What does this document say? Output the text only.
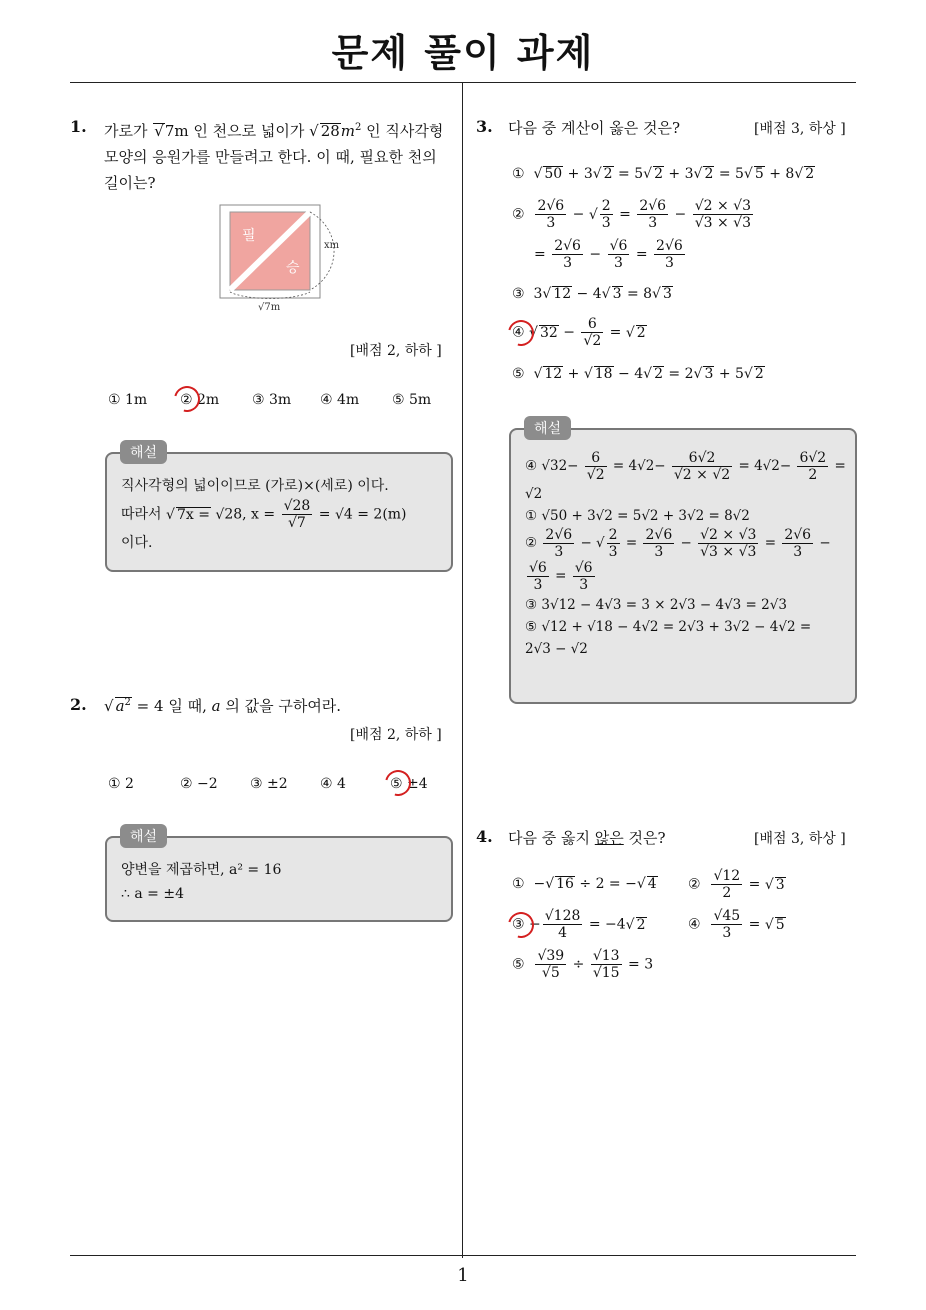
문제 풀이 과제
1. 가로가 √ 7m 인 천으로 넓이가 √ $28m^2$ 인 직사각형
모양의 응원가를 만들려고 한다. 이 때, 필요한 천의
길이는?
필
승
xm
√7m
[배점 2, 하하 ]
① 1m ② 2m ③ 3m ④ 4m ⑤ 5m
직사각형의 넓이이므로 (가로)×(세로) 이다.
따라서 √ 7x = √ 28, $x = \frac{√28}{√7}$ = √ 4 = 2(m)
이다.
해설
2. √	$a^2 = 4$ 일 때, a 의 값을 구하여라.
[배점 2, 하하 ]
① 2	② −2 ③ ±2 ④ 4	⑤ ±4
양변을 제곱하면, a² = 16
∴ a = ±4
해설
3. 다음 중 계산이 옳은 것은?	[배점 3, 하상 ]
①  √ 50 + 3 √ 2 = 5 √ 2 + 3 √ 2 = 5 √ 5 + 8 √ 2
② $\frac{2√6}{3}$ − √ $\frac{2}{3} = \frac{2√6}{3} - \frac{√2 \times √3}{√3 \times √3}$
= $\frac{2√6}{3} - \frac{√6}{3} = \frac{2√6}{3}$
③  3 √ 12 − 4 √ 3 = 8 √ 3
④ √ $32 - \frac{6}{√2}$ = √ 2
⑤  √ 12 + √ 18 − 4 √ 2 = 2 √ 3 + 5 √ 2
④ $√32- \frac{6}{√2} = 4√2- \frac{6√2}{√2 \times √2} = 4√2- \frac{6√2}{2}$ =
√2
① √50 + 3√2 = 5√2 + 3√2 = 8√2
② $\frac{2√6}{3}$ − √ $\frac{2}{3} = \frac{2√6}{3} - \frac{√2 \times √3}{√3 \times √3} = \frac{2√6}{3}$ −
$\frac{√6}{3} = \frac{√6}{3}$
③ 3√12 − 4√3 = 3 × 2√3 − 4√3 = 2√3
⑤ √12 + √18 − 4√2 = 2√3 + 3√2 − 4√2 =
2√3 − √2
해설
4. 다음 중 옳지 않은 것은?	[배점 3, 하상 ]
①  − √ 16 ÷ 2 = − √ 4 ② $\frac{√12}{2}$ = √ 3
③ − $\frac{√128}{4} = -4$ √ 2	④ $\frac{√45}{3}$ = √ 5
⑤ $\frac{√39}{√5} \div \frac{√13}{√15} = 3$
1
